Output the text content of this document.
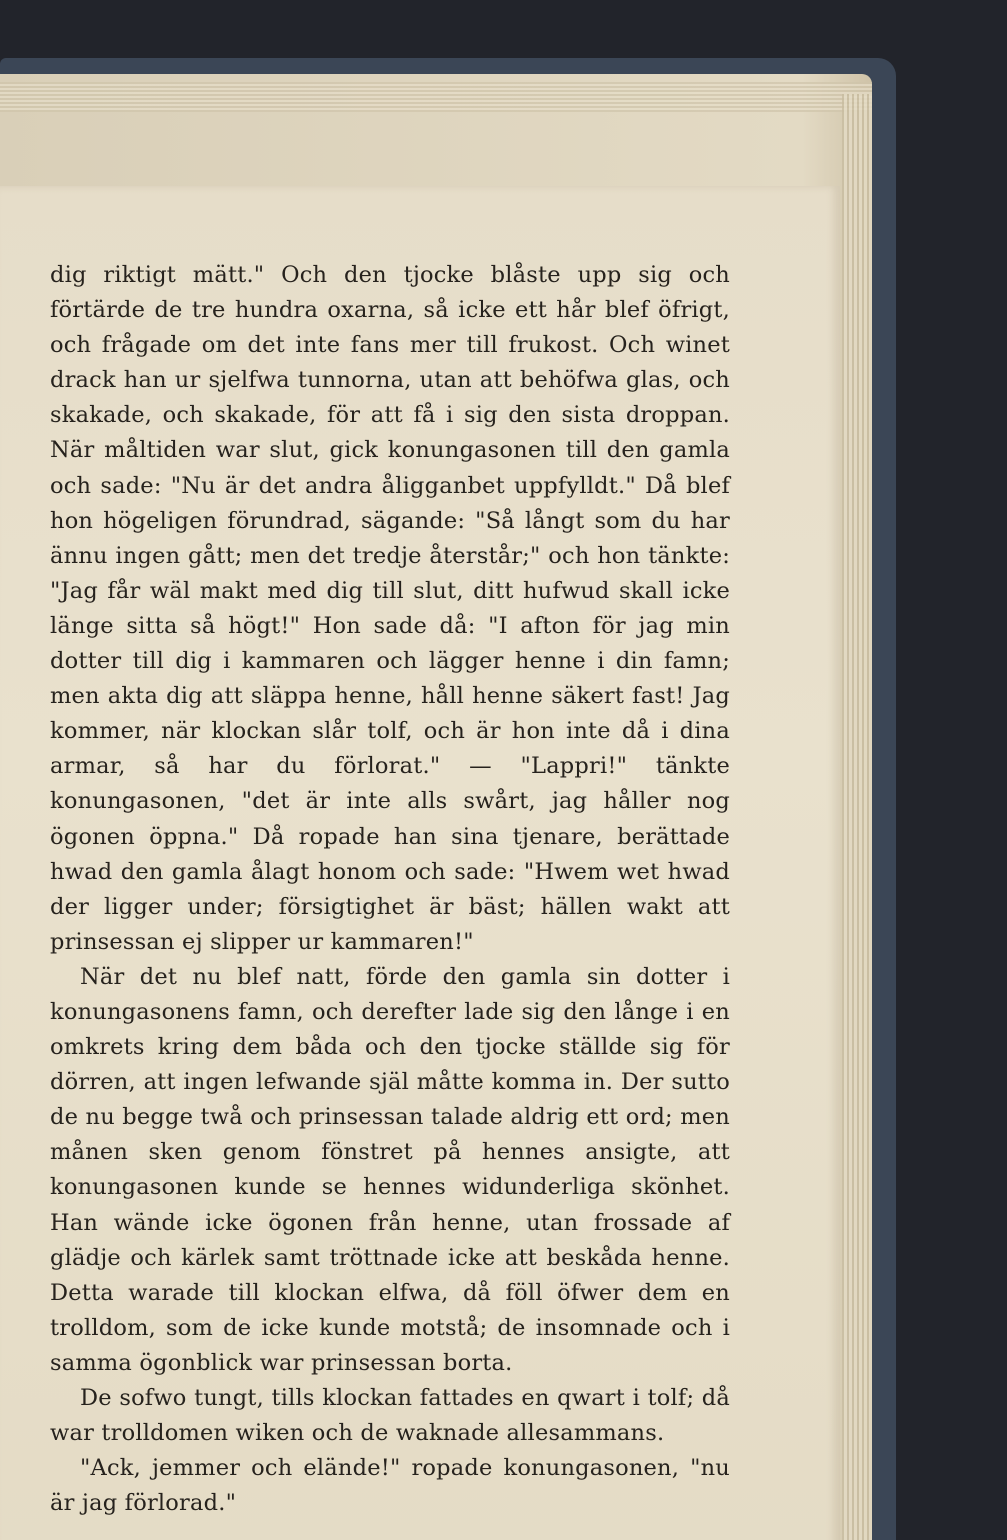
dig riktigt mätt." Och den tjocke blåste upp sig och förtärde de tre hundra oxarna, så icke ett hår blef öfrigt, och frågade om det inte fans mer till frukost. Och winet drack han ur sjelfwa tunnorna, utan att behöfwa glas, och skakade, och skakade, för att få i sig den sista droppan. När måltiden war slut, gick konungasonen till den gamla och sade: "Nu är det andra åligganbet uppfylldt." Då blef hon högeligen förundrad, sägande: "Så långt som du har ännu ingen gått; men det tredje återstår;" och hon tänkte: "Jag får wäl makt med dig till slut, ditt hufwud skall icke länge sitta så högt!" Hon sade då: "I afton för jag min dotter till dig i kammaren och lägger henne i din famn; men akta dig att släppa henne, håll henne säkert fast! Jag kommer, när klockan slår tolf, och är hon inte då i dina armar, så har du förlorat." — "Lappri!" tänkte konungasonen, "det är inte alls swårt, jag håller nog ögonen öppna." Då ropade han sina tjenare, berättade hwad den gamla ålagt honom och sade: "Hwem wet hwad der ligger under; försigtighet är bäst; hällen wakt att prinsessan ej slipper ur kammaren!"

När det nu blef natt, förde den gamla sin dotter i konungasonens famn, och derefter lade sig den långe i en omkrets kring dem båda och den tjocke ställde sig för dörren, att ingen lefwande själ måtte komma in. Der sutto de nu begge twå och prinsessan talade aldrig ett ord; men månen sken genom fönstret på hennes ansigte, att konungasonen kunde se hennes widunderliga skönhet. Han wände icke ögonen från henne, utan frossade af glädje och kärlek samt tröttnade icke att beskåda henne. Detta warade till klockan elfwa, då föll öfwer dem en trolldom, som de icke kunde motstå; de insomnade och i samma ögonblick war prinsessan borta.

De sofwo tungt, tills klockan fattades en qwart i tolf; då war trolldomen wiken och de waknade allesammans.

"Ack, jemmer och elände!" ropade konungasonen, "nu är jag förlorad."
